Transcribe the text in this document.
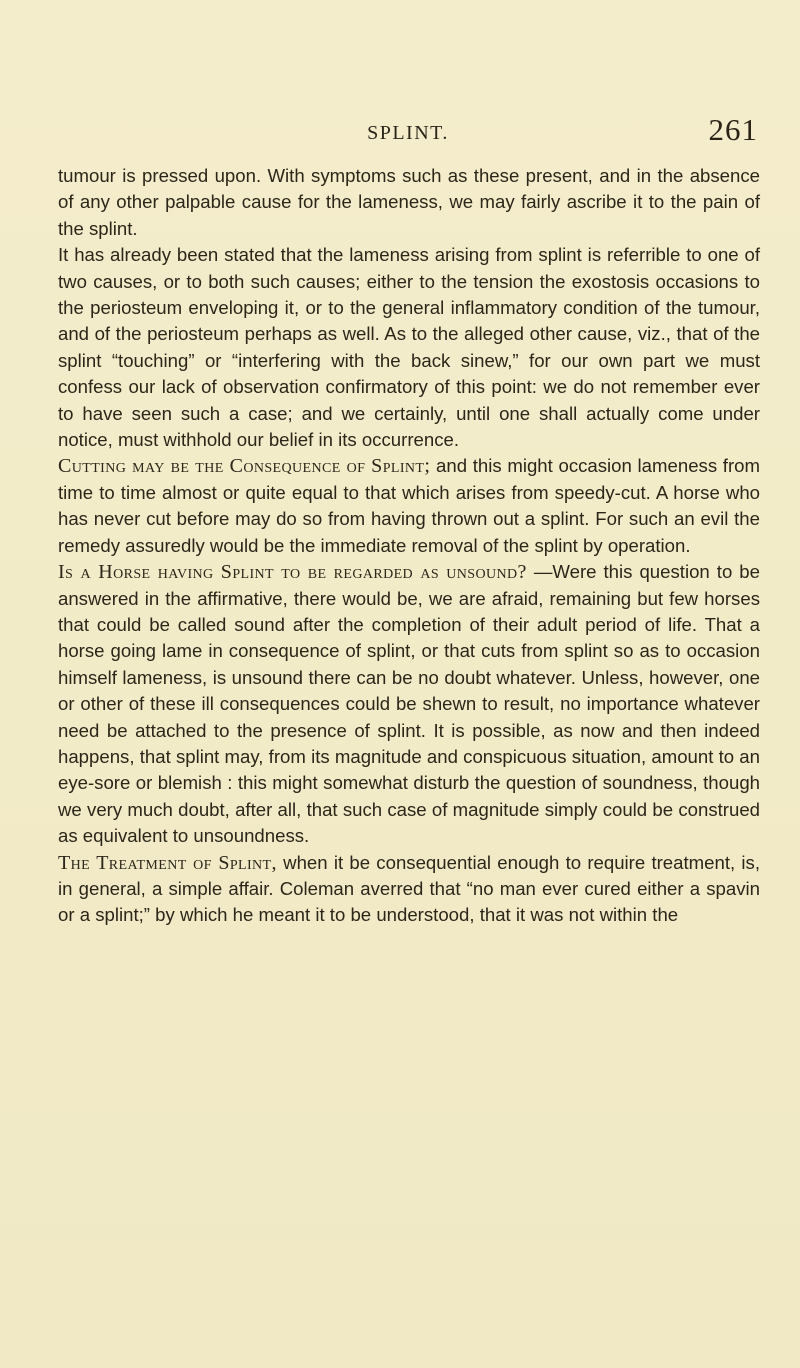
SPLINT.	261

tumour is pressed upon. With symptoms such as these present, and in the absence of any other palpable cause for the lameness, we may fairly ascribe it to the pain of the splint.

It has already been stated that the lameness arising from splint is referrible to one of two causes, or to both such causes; either to the tension the exostosis occasions to the periosteum enveloping it, or to the general inflammatory condition of the tumour, and of the periosteum perhaps as well. As to the alleged other cause, viz., that of the splint “touching” or “interfering with the back sinew,” for our own part we must confess our lack of observation confirmatory of this point: we do not remember ever to have seen such a case; and we certainly, until one shall actually come under notice, must withhold our belief in its occurrence.

Cutting may be the Consequence of Splint; and this might occasion lameness from time to time almost or quite equal to that which arises from speedy-cut. A horse who has never cut before may do so from having thrown out a splint. For such an evil the remedy assuredly would be the immediate removal of the splint by operation.

Is a Horse having Splint to be regarded as unsound? —Were this question to be answered in the affirmative, there would be, we are afraid, remaining but few horses that could be called sound after the completion of their adult period of life. That a horse going lame in consequence of splint, or that cuts from splint so as to occasion himself lameness, is unsound there can be no doubt whatever. Unless, however, one or other of these ill consequences could be shewn to result, no importance whatever need be attached to the presence of splint. It is possible, as now and then indeed happens, that splint may, from its magnitude and conspicuous situation, amount to an eye-sore or blemish : this might somewhat disturb the question of soundness, though we very much doubt, after all, that such case of magnitude simply could be construed as equivalent to unsoundness.

The Treatment of Splint, when it be consequential enough to require treatment, is, in general, a simple affair. Coleman averred that “no man ever cured either a spavin or a splint;” by which he meant it to be understood, that it was not within the
